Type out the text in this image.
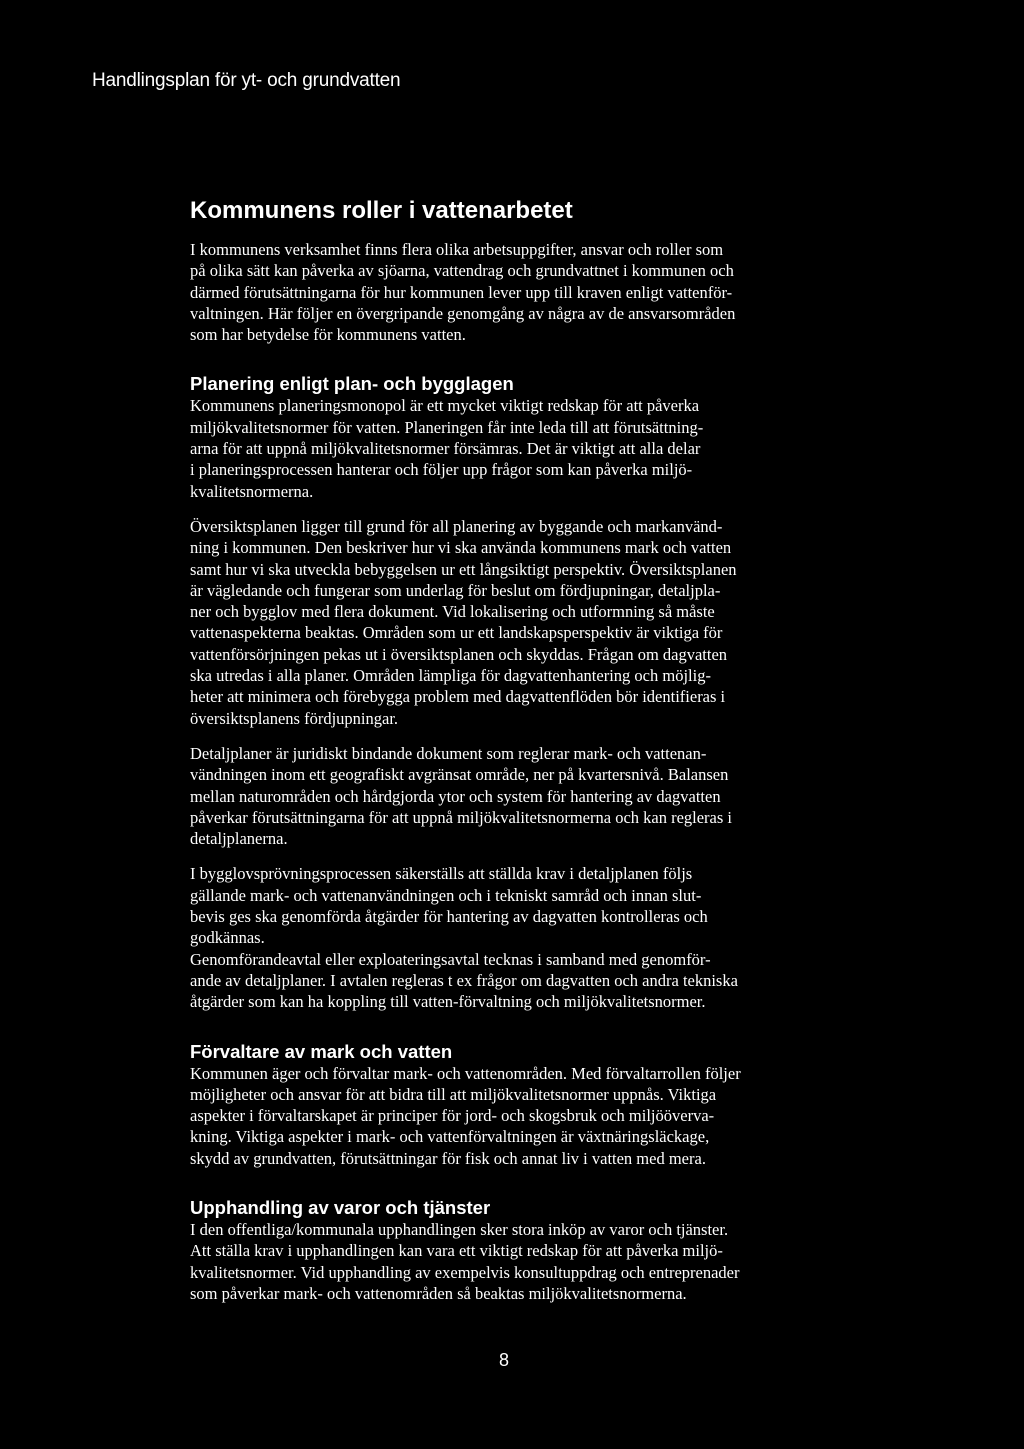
Handlingsplan för yt- och grundvatten
Kommunens roller i vattenarbetet
I kommunens verksamhet finns flera olika arbetsuppgifter, ansvar och roller som
på olika sätt kan påverka av sjöarna, vattendrag och grundvattnet i kommunen och
därmed förutsättningarna för hur kommunen lever upp till kraven enligt vattenför-
valtningen. Här följer en övergripande genomgång av några av de ansvarsområden
som har betydelse för kommunens vatten.
Planering enligt plan- och bygglagen
Kommunens planeringsmonopol är ett mycket viktigt redskap för att påverka
miljökvalitetsnormer för vatten. Planeringen får inte leda till att förutsättning-
arna för att uppnå miljökvalitetsnormer försämras. Det är viktigt att alla delar
i planeringsprocessen hanterar och följer upp frågor som kan påverka miljö-
kvalitetsnormerna.
Översiktsplanen ligger till grund för all planering av byggande och markanvänd-
ning i kommunen. Den beskriver hur vi ska använda kommunens mark och vatten
samt hur vi ska utveckla bebyggelsen ur ett långsiktigt perspektiv. Översiktsplanen
är vägledande och fungerar som underlag för beslut om fördjupningar, detaljpla-
ner och bygglov med flera dokument. Vid lokalisering och utformning så måste
vattenaspekterna beaktas. Områden som ur ett landskapsperspektiv är viktiga för
vattenförsörjningen pekas ut i översiktsplanen och skyddas. Frågan om dagvatten
ska utredas i alla planer. Områden lämpliga för dagvattenhantering och möjlig-
heter att minimera och förebygga problem med dagvattenflöden bör identifieras i
översiktsplanens fördjupningar.
Detaljplaner är juridiskt bindande dokument som reglerar mark- och vattenan-
vändningen inom ett geografiskt avgränsat område, ner på kvartersnivå. Balansen
mellan naturområden och hårdgjorda ytor och system för hantering av dagvatten
påverkar förutsättningarna för att uppnå miljökvalitetsnormerna och kan regleras i
detaljplanerna.
I bygglovsprövningsprocessen säkerställs att ställda krav i detaljplanen följs
gällande mark- och vattenanvändningen och i tekniskt samråd och innan slut-
bevis ges ska genomförda åtgärder för hantering av dagvatten kontrolleras och
godkännas.
Genomförandeavtal eller exploateringsavtal tecknas i samband med genomför-
ande av detaljplaner. I avtalen regleras t ex frågor om dagvatten och andra tekniska
åtgärder som kan ha koppling till vatten-förvaltning och miljökvalitetsnormer.
Förvaltare av mark och vatten
Kommunen äger och förvaltar mark- och vattenområden. Med förvaltarrollen följer
möjligheter och ansvar för att bidra till att miljökvalitetsnormer uppnås. Viktiga
aspekter i förvaltarskapet är principer för jord- och skogsbruk och miljööverva-
kning. Viktiga aspekter i mark- och vattenförvaltningen är växtnäringsläckage,
skydd av grundvatten, förutsättningar för fisk och annat liv i vatten med mera.
Upphandling av varor och tjänster
I den offentliga/kommunala upphandlingen sker stora inköp av varor och tjänster.
Att ställa krav i upphandlingen kan vara ett viktigt redskap för att påverka miljö-
kvalitetsnormer. Vid upphandling av exempelvis konsultuppdrag och entreprenader
som påverkar mark- och vattenområden så beaktas miljökvalitetsnormerna.
8
